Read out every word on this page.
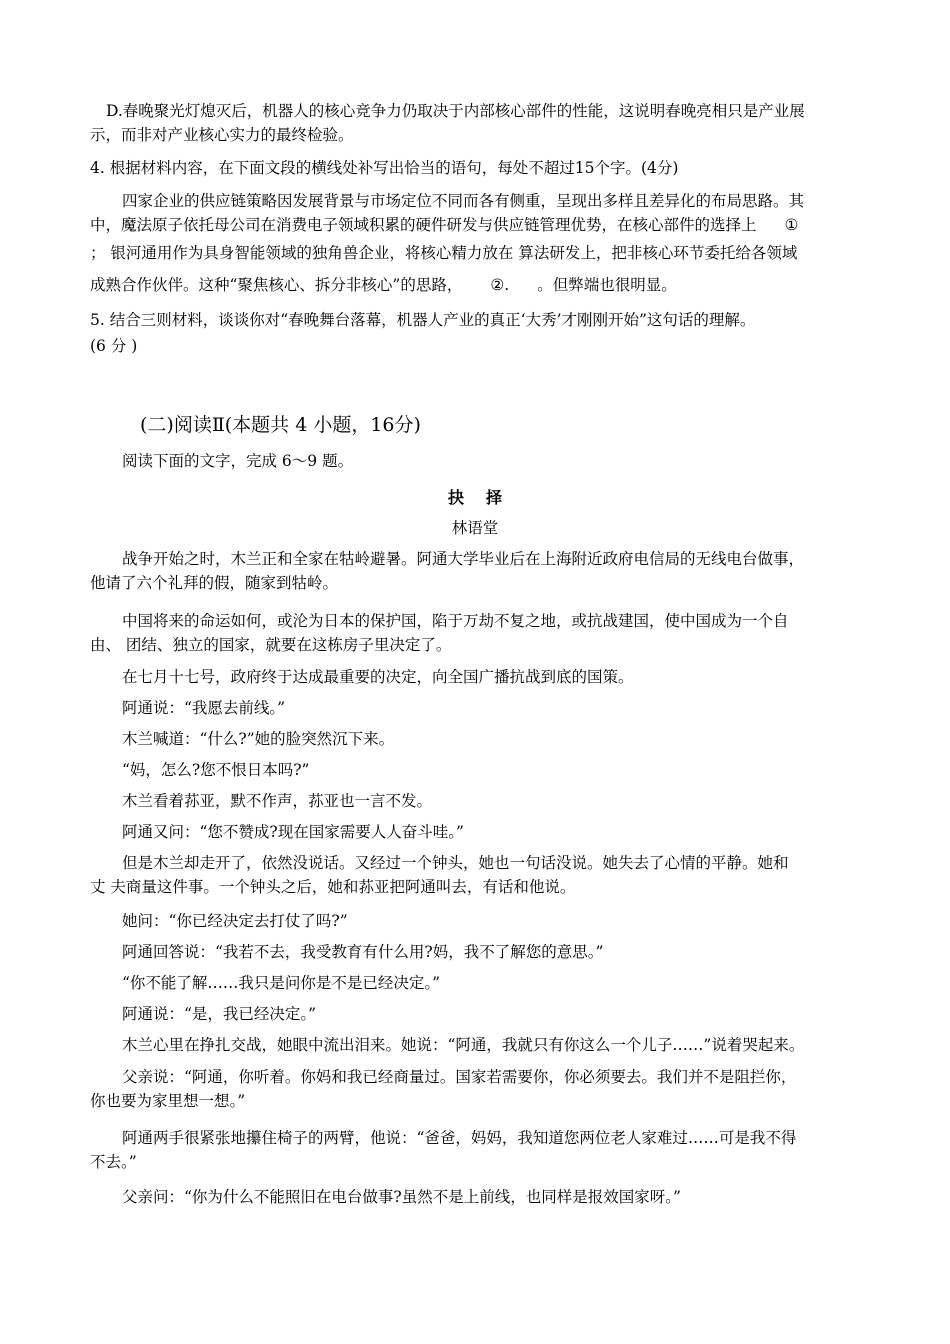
D.春晚聚光灯熄灭后，机器人的核心竞争力仍取决于内部核心部件的性能，这说明春晚亮相只是产业展
示，而非对产业核心实力的最终检验。
4. 根据材料内容，在下面文段的横线处补写出恰当的语句，每处不超过15个字。(4分)
四家企业的供应链策略因发展背景与市场定位不同而各有侧重，呈现出多样且差异化的布局思路。其
中，魔法原子依托母公司在消费电子领域积累的硬件研发与供应链管理优势，在核心部件的选择上 ①
； 银河通用作为具身智能领域的独角兽企业，将核心精力放在 算法研发上，把非核心环节委托给各领域
成熟合作伙伴。这种“聚焦核心、拆分非核心”的思路， ②. 。但弊端也很明显。
5. 结合三则材料，谈谈你对“春晚舞台落幕，机器人产业的真正‘大秀’才刚刚开始”这句话的理解。
(6 分 )
(二)阅读Ⅱ(本题共 4 小题，16分)
阅读下面的文字，完成 6～9 题。
抉择
林语堂
战争开始之时，木兰正和全家在牯岭避暑。阿通大学毕业后在上海附近政府电信局的无线电台做事，
他请了六个礼拜的假，随家到牯岭。
中国将来的命运如何，或沦为日本的保护国，陷于万劫不复之地，或抗战建国，使中国成为一个自
由、 团结、独立的国家，就要在这栋房子里决定了。
在七月十七号，政府终于达成最重要的决定，向全国广播抗战到底的国策。
阿通说：“我愿去前线。”
木兰喊道：“什么?”她的脸突然沉下来。
“妈，怎么?您不恨日本吗?”
木兰看着荪亚，默不作声，荪亚也一言不发。
阿通又问：“您不赞成?现在国家需要人人奋斗哇。”
但是木兰却走开了，依然没说话。又经过一个钟头，她也一句话没说。她失去了心情的平静。她和
丈 夫商量这件事。一个钟头之后，她和荪亚把阿通叫去，有话和他说。
她问：“你已经决定去打仗了吗?”
阿通回答说：“我若不去，我受教育有什么用?妈，我不了解您的意思。”
“你不能了解……我只是问你是不是已经决定。”
阿通说：“是，我已经决定。”
木兰心里在挣扎交战，她眼中流出泪来。她说：“阿通，我就只有你这么一个儿子……”说着哭起来。
父亲说：“阿通，你听着。你妈和我已经商量过。国家若需要你，你必须要去。我们并不是阻拦你，
你也要为家里想一想。”
阿通两手很紧张地攥住椅子的两臂，他说：“爸爸，妈妈，我知道您两位老人家难过……可是我不得
不去。”
父亲问：“你为什么不能照旧在电台做事?虽然不是上前线，也同样是报效国家呀。”
